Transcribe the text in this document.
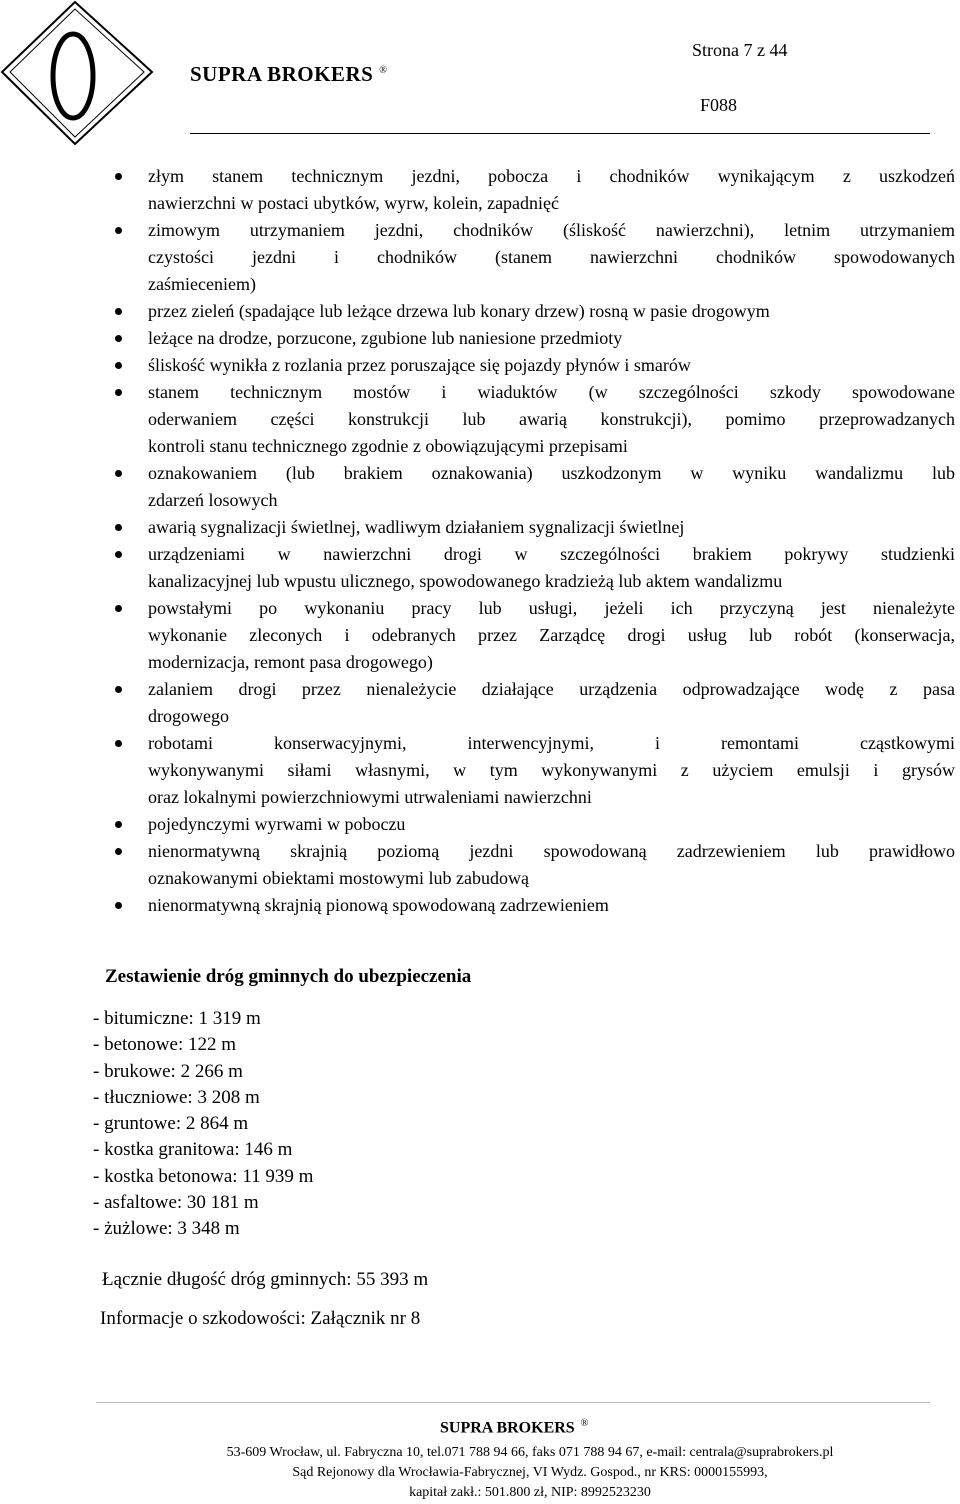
SUPRA BROKERS ®
Strona 7 z 44
F088
złym stanem technicznym jezdni, pobocza i chodników wynikającym z uszkodzeń
nawierzchni w postaci ubytków, wyrw, kolein, zapadnięć
zimowym utrzymaniem jezdni, chodników (śliskość nawierzchni), letnim utrzymaniem
czystości jezdni i chodników (stanem nawierzchni chodników spowodowanych
zaśmieceniem)
przez zieleń (spadające lub leżące drzewa lub konary drzew) rosną w pasie drogowym
leżące na drodze, porzucone, zgubione lub naniesione przedmioty
śliskość wynikła z rozlania przez poruszające się pojazdy płynów i smarów
stanem technicznym mostów i wiaduktów (w szczególności szkody spowodowane
oderwaniem części konstrukcji lub awarią konstrukcji), pomimo przeprowadzanych
kontroli stanu technicznego zgodnie z obowiązującymi przepisami
oznakowaniem (lub brakiem oznakowania) uszkodzonym w wyniku wandalizmu lub
zdarzeń losowych
awarią sygnalizacji świetlnej, wadliwym działaniem sygnalizacji świetlnej
urządzeniami w nawierzchni drogi w szczególności brakiem pokrywy studzienki
kanalizacyjnej lub wpustu ulicznego, spowodowanego kradzieżą lub aktem wandalizmu
powstałymi po wykonaniu pracy lub usługi, jeżeli ich przyczyną jest nienależyte
wykonanie zleconych i odebranych przez Zarządcę drogi usług lub robót (konserwacja,
modernizacja, remont pasa drogowego)
zalaniem drogi przez nienależycie działające urządzenia odprowadzające wodę z pasa
drogowego
robotami konserwacyjnymi, interwencyjnymi, i remontami cząstkowymi
wykonywanymi siłami własnymi, w tym wykonywanymi z użyciem emulsji i grysów
oraz lokalnymi powierzchniowymi utrwaleniami nawierzchni
pojedynczymi wyrwami w poboczu
nienormatywną skrajnią poziomą jezdni spowodowaną zadrzewieniem lub prawidłowo
oznakowanymi obiektami mostowymi lub zabudową
nienormatywną skrajnią pionową spowodowaną zadrzewieniem
Zestawienie dróg gminnych do ubezpieczenia
- bitumiczne: 1 319 m
- betonowe: 122 m
- brukowe: 2 266 m
- tłuczniowe: 3 208 m
- gruntowe: 2 864 m
- kostka granitowa: 146 m
- kostka betonowa: 11 939 m
- asfaltowe: 30 181 m
- żużlowe: 3 348 m
Łącznie długość dróg gminnych: 55 393 m
Informacje o szkodowości: Załącznik nr 8
SUPRA BROKERS ®
53-609 Wrocław, ul. Fabryczna 10, tel.071 788 94 66, faks 071 788 94 67, e-mail: centrala@suprabrokers.pl
Sąd Rejonowy dla Wrocławia-Fabrycznej, VI Wydz. Gospod., nr KRS: 0000155993,
kapitał zakł.: 501.800 zł, NIP: 8992523230
